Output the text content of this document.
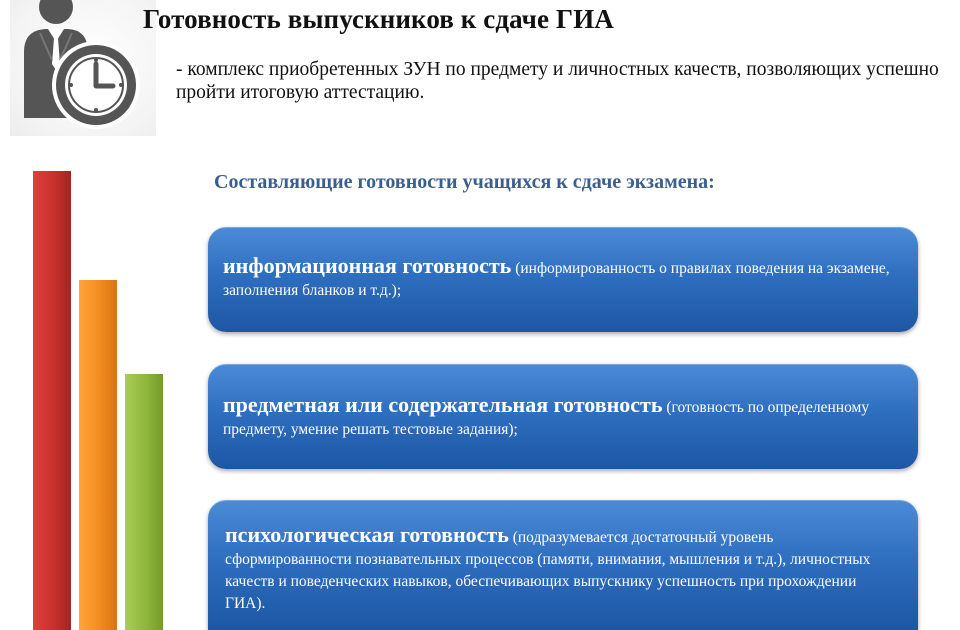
Готовность выпускников к сдаче ГИА
- комплекс приобретенных ЗУН по предмету и личностных качеств, позволяющих успешно пройти итоговую аттестацию.
Составляющие готовности учащихся к сдаче экзамена:

информационная готовность (информированность о правилах поведения на экзамене, заполнения бланков и т.д.);

предметная или содержательная готовность (готовность по определенному предмету, умение решать тестовые задания);

психологическая готовность (подразумевается достаточный уровень сформированности познавательных процессов (памяти, внимания, мышления и т.д.), личностных качеств и поведенческих навыков, обеспечивающих выпускнику успешность при прохождении ГИА).
